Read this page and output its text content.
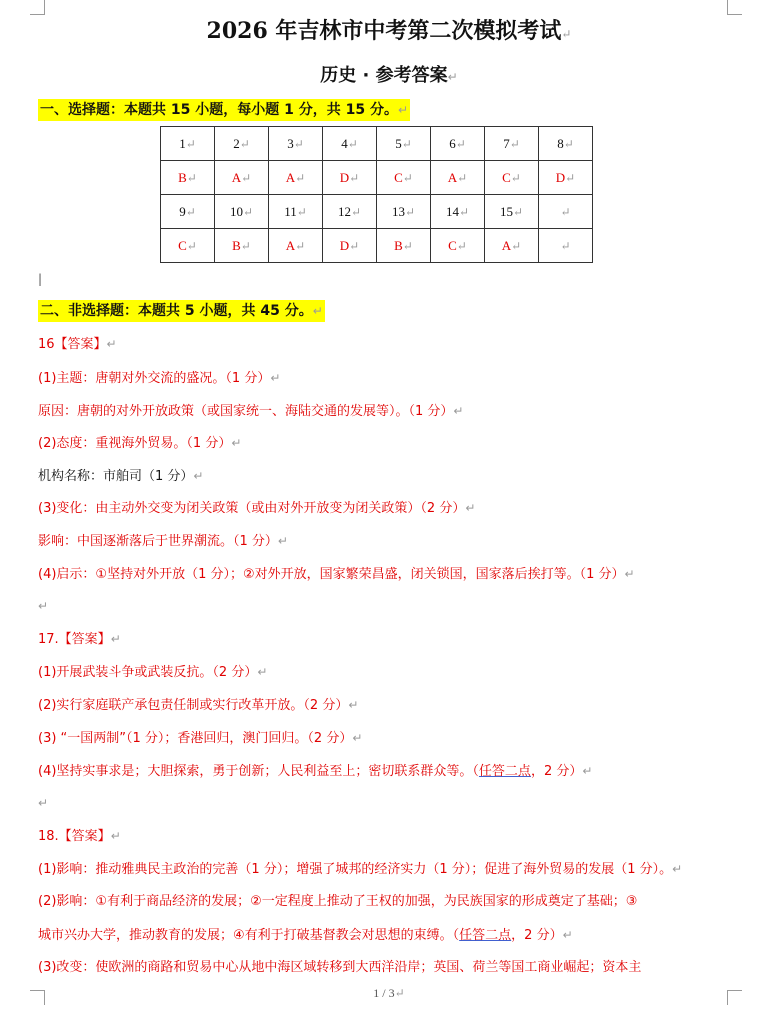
2026 年吉林市中考第二次模拟考试↵
历史 · 参考答案↵
一、选择题：本题共 15 小题，每小题 1 分，共 15 分。↵
1↵	2↵	3↵	4↵	5↵	6↵	7↵	8↵
B↵	A↵	A↵	D↵	C↵	A↵	C↵	D↵
9↵	10↵	11↵	12↵	13↵	14↵	15↵	↵
C↵	B↵	A↵	D↵	B↵	C↵	A↵	↵
|
二、非选择题：本题共 5 小题，共 45 分。↵
16【答案】↵
(1)主题：唐朝对外交流的盛况。（1 分）↵
原因：唐朝的对外开放政策（或国家统一、海陆交通的发展等）。（1 分）↵
(2)态度：重视海外贸易。（1 分）↵
机构名称：市舶司（1 分）↵
(3)变化：由主动外交变为闭关政策（或由对外开放变为闭关政策）（2 分）↵
影响：中国逐渐落后于世界潮流。（1 分）↵
(4)启示：①坚持对外开放（1 分）；②对外开放，国家繁荣昌盛，闭关锁国，国家落后挨打等。（1 分）↵
↵
17.【答案】↵
(1)开展武装斗争或武装反抗。（2 分）↵
(2)实行家庭联产承包责任制或实行改革开放。（2 分）↵
(3) “一国两制”（1 分）；香港回归，澳门回归。（2 分）↵
(4)坚持实事求是；大胆探索，勇于创新；人民利益至上；密切联系群众等。（任答二点，2 分）↵
↵
18.【答案】↵
(1)影响：推动雅典民主政治的完善（1 分）；增强了城邦的经济实力（1 分）；促进了海外贸易的发展（1 分）。↵
(2)影响：①有利于商品经济的发展；②一定程度上推动了王权的加强，为民族国家的形成奠定了基础；③
城市兴办大学，推动教育的发展；④有利于打破基督教会对思想的束缚。（任答二点，2 分）↵
(3)改变：使欧洲的商路和贸易中心从地中海区域转移到大西洋沿岸；英国、荷兰等国工商业崛起；资本主
1 / 3↵
